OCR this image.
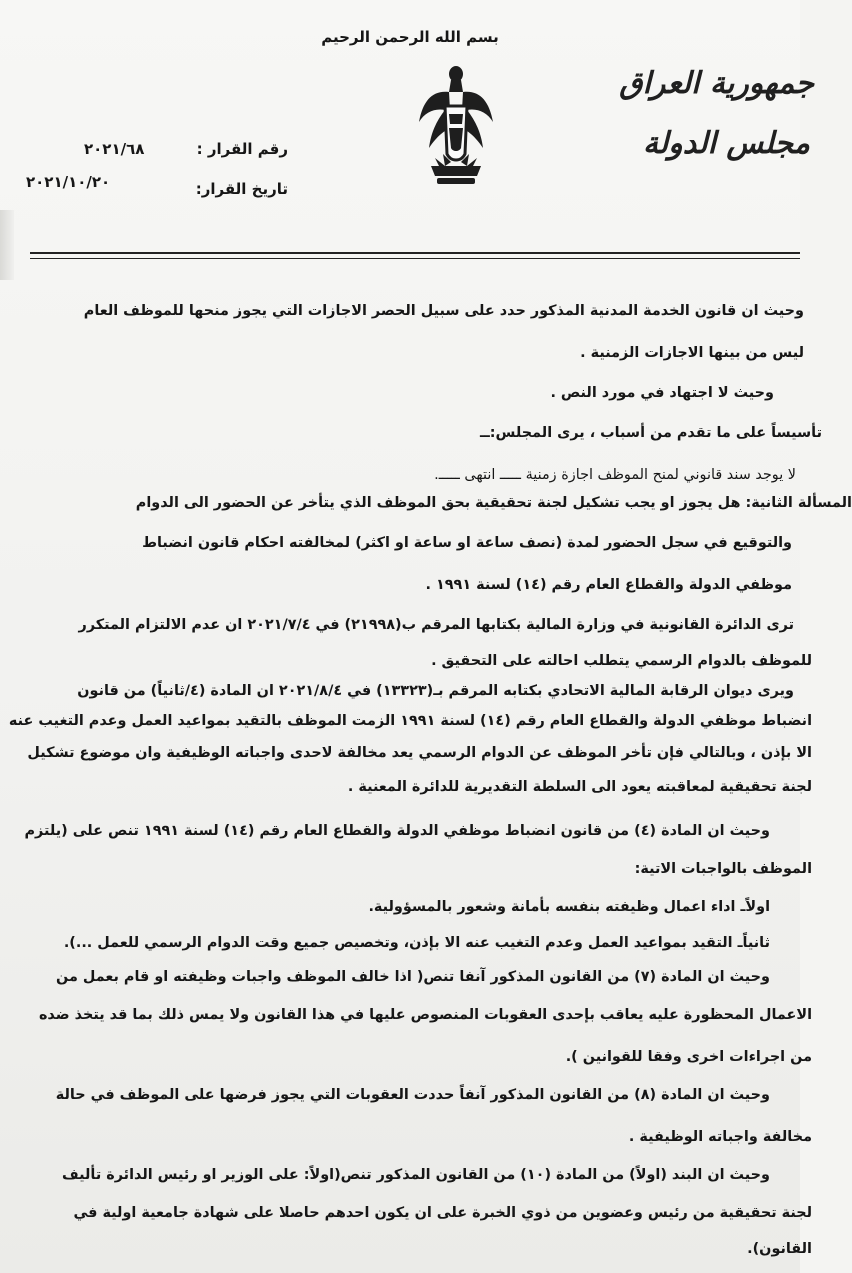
بسم الله الرحمن الرحيم
جمهورية العراق
مجلس الدولة
رقم القرار :
٢٠٢١/٦٨
تاريخ القرار:
٢٠٢١/١٠/٢٠
وحيث ان قانون الخدمة المدنية المذكور حدد على سبيل الحصر الاجازات التي يجوز منحها للموظف العام
ليس من بينها الاجازات الزمنية .
وحيث لا اجتهاد في مورد النص .
تأسيساً على ما تقدم من أسباب ، يرى المجلس:ــ
لا يوجد سند قانوني لمنح الموظف اجازة زمنية ـــــ انتهى ـــــ.
المسألة الثانية: هل يجوز او يجب تشكيل لجنة تحقيقية بحق الموظف الذي يتأخر عن الحضور الى الدوام
والتوقيع في سجل الحضور لمدة (نصف ساعة او ساعة او اكثر) لمخالفته احكام قانون انضباط
موظفي الدولة والقطاع العام رقم (١٤) لسنة ١٩٩١ .
ترى الدائرة القانونية في وزارة المالية بكتابها المرقم ب(٢١٩٩٨) في ٢٠٢١/٧/٤ ان عدم الالتزام المتكرر
للموظف بالدوام الرسمي يتطلب احالته على التحقيق .
ويرى ديوان الرقابة المالية الاتحادي بكتابه المرقم بـ(١٣٣٢٣) في ٢٠٢١/٨/٤ ان المادة (٤/ثانياً) من قانون
انضباط موظفي الدولة والقطاع العام رقم (١٤) لسنة ١٩٩١ الزمت الموظف بالتقيد بمواعيد العمل وعدم التغيب عنه
الا بإذن ، وبالتالي فإن تأخر الموظف عن الدوام الرسمي يعد مخالفة لاحدى واجباته الوظيفية وان موضوع تشكيل
لجنة تحقيقية لمعاقبته يعود الى السلطة التقديرية للدائرة المعنية .
وحيث ان المادة (٤) من قانون انضباط موظفي الدولة والقطاع العام رقم (١٤) لسنة ١٩٩١ تنص على (يلتزم
الموظف بالواجبات الاتية:
اولاًـ اداء اعمال وظيفته بنفسه بأمانة وشعور بالمسؤولية.
ثانياًـ التقيد بمواعيد العمل وعدم التغيب عنه الا بإذن، وتخصيص جميع وقت الدوام الرسمي للعمل ...).
وحيث ان المادة (٧) من القانون المذكور آنفا تنص( اذا خالف الموظف واجبات وظيفته او قام بعمل من
الاعمال المحظورة عليه يعاقب بإحدى العقوبات المنصوص عليها في هذا القانون ولا يمس ذلك بما قد يتخذ ضده
من اجراءات اخرى وفقا للقوانين ).
وحيث ان المادة (٨) من القانون المذكور آنفاً حددت العقوبات التي يجوز فرضها على الموظف في حالة
مخالفة واجباته الوظيفية .
وحيث ان البند (اولاً) من المادة (١٠) من القانون المذكور تنص(اولاً: على الوزير او رئيس الدائرة تأليف
لجنة تحقيقية من رئيس وعضوين من ذوي الخبرة على ان يكون احدهم حاصلا على شهادة جامعية اولية في
القانون).
